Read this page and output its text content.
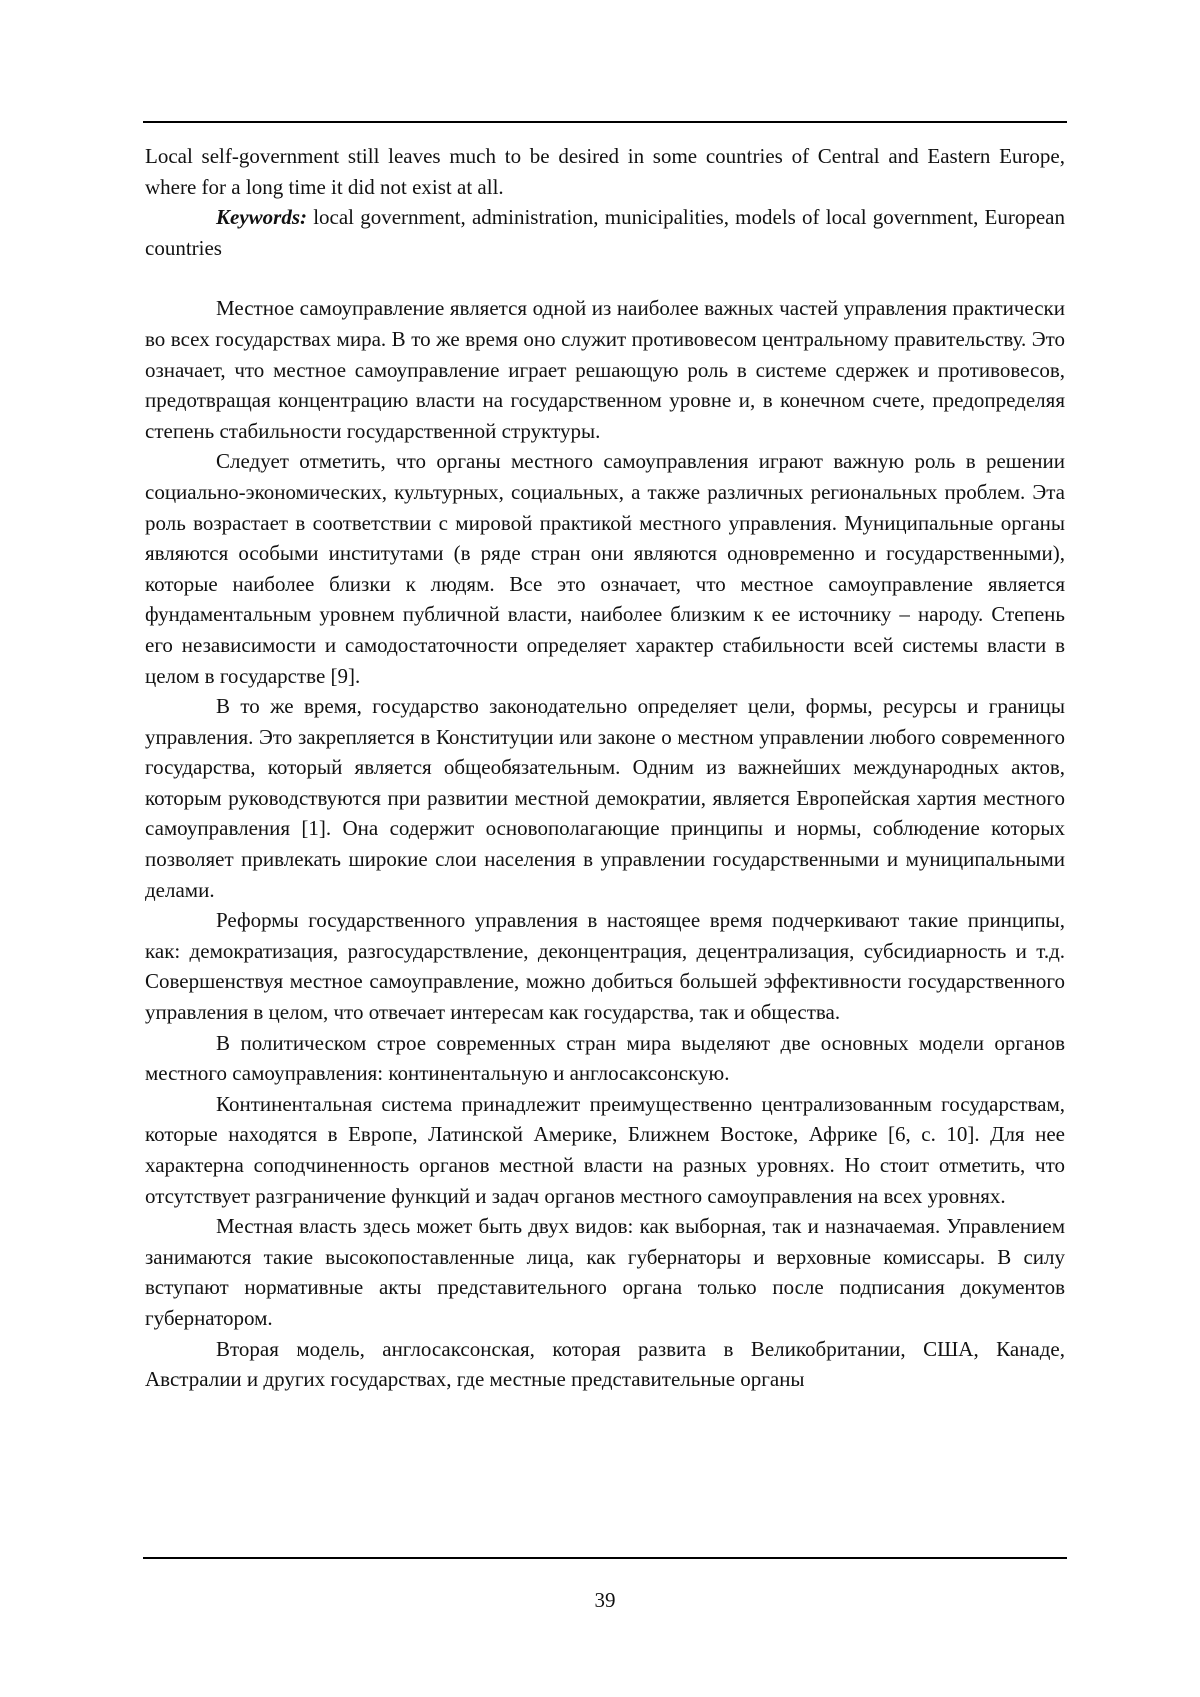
Local self-government still leaves much to be desired in some countries of Central and Eastern Europe, where for a long time it did not exist at all.

Keywords: local government, administration, municipalities, models of local government, European countries

Местное самоуправление является одной из наиболее важных частей управления практически во всех государствах мира. В то же время оно служит противовесом центральному правительству. Это означает, что местное самоуправление играет решающую роль в системе сдержек и противовесов, предотвращая концентрацию власти на государственном уровне и, в конечном счете, предопределяя степень стабильности государственной структуры.

Следует отметить, что органы местного самоуправления играют важную роль в решении социально-экономических, культурных, социальных, а также различных региональных проблем. Эта роль возрастает в соответствии с мировой практикой местного управления. Муниципальные органы являются особыми институтами (в ряде стран они являются одновременно и государственными), которые наиболее близки к людям. Все это означает, что местное самоуправление является фундаментальным уровнем публичной власти, наиболее близким к ее источнику – народу. Степень его независимости и самодостаточности определяет характер стабильности всей системы власти в целом в государстве [9].

В то же время, государство законодательно определяет цели, формы, ресурсы и границы управления. Это закрепляется в Конституции или законе о местном управлении любого современного государства, который является общеобязательным. Одним из важнейших международных актов, которым руководствуются при развитии местной демократии, является Европейская хартия местного самоуправления [1]. Она содержит основополагающие принципы и нормы, соблюдение которых позволяет привлекать широкие слои населения в управлении государственными и муниципальными делами.

Реформы государственного управления в настоящее время подчеркивают такие принципы, как: демократизация, разгосударствление, деконцентрация, децентрализация, субсидиарность и т.д. Совершенствуя местное самоуправление, можно добиться большей эффективности государственного управления в целом, что отвечает интересам как государства, так и общества.

В политическом строе современных стран мира выделяют две основных модели органов местного самоуправления: континентальную и англосаксонскую.

Континентальная система принадлежит преимущественно централизованным государствам, которые находятся в Европе, Латинской Америке, Ближнем Востоке, Африке [6, с. 10]. Для нее характерна соподчиненность органов местной власти на разных уровнях. Но стоит отметить, что отсутствует разграничение функций и задач органов местного самоуправления на всех уровнях.

Местная власть здесь может быть двух видов: как выборная, так и назначаемая. Управлением занимаются такие высокопоставленные лица, как губернаторы и верховные комиссары. В силу вступают нормативные акты представительного органа только после подписания документов губернатором.

Вторая модель, англосаксонская, которая развита в Великобритании, США, Канаде, Австралии и других государствах, где местные представительные органы

39
